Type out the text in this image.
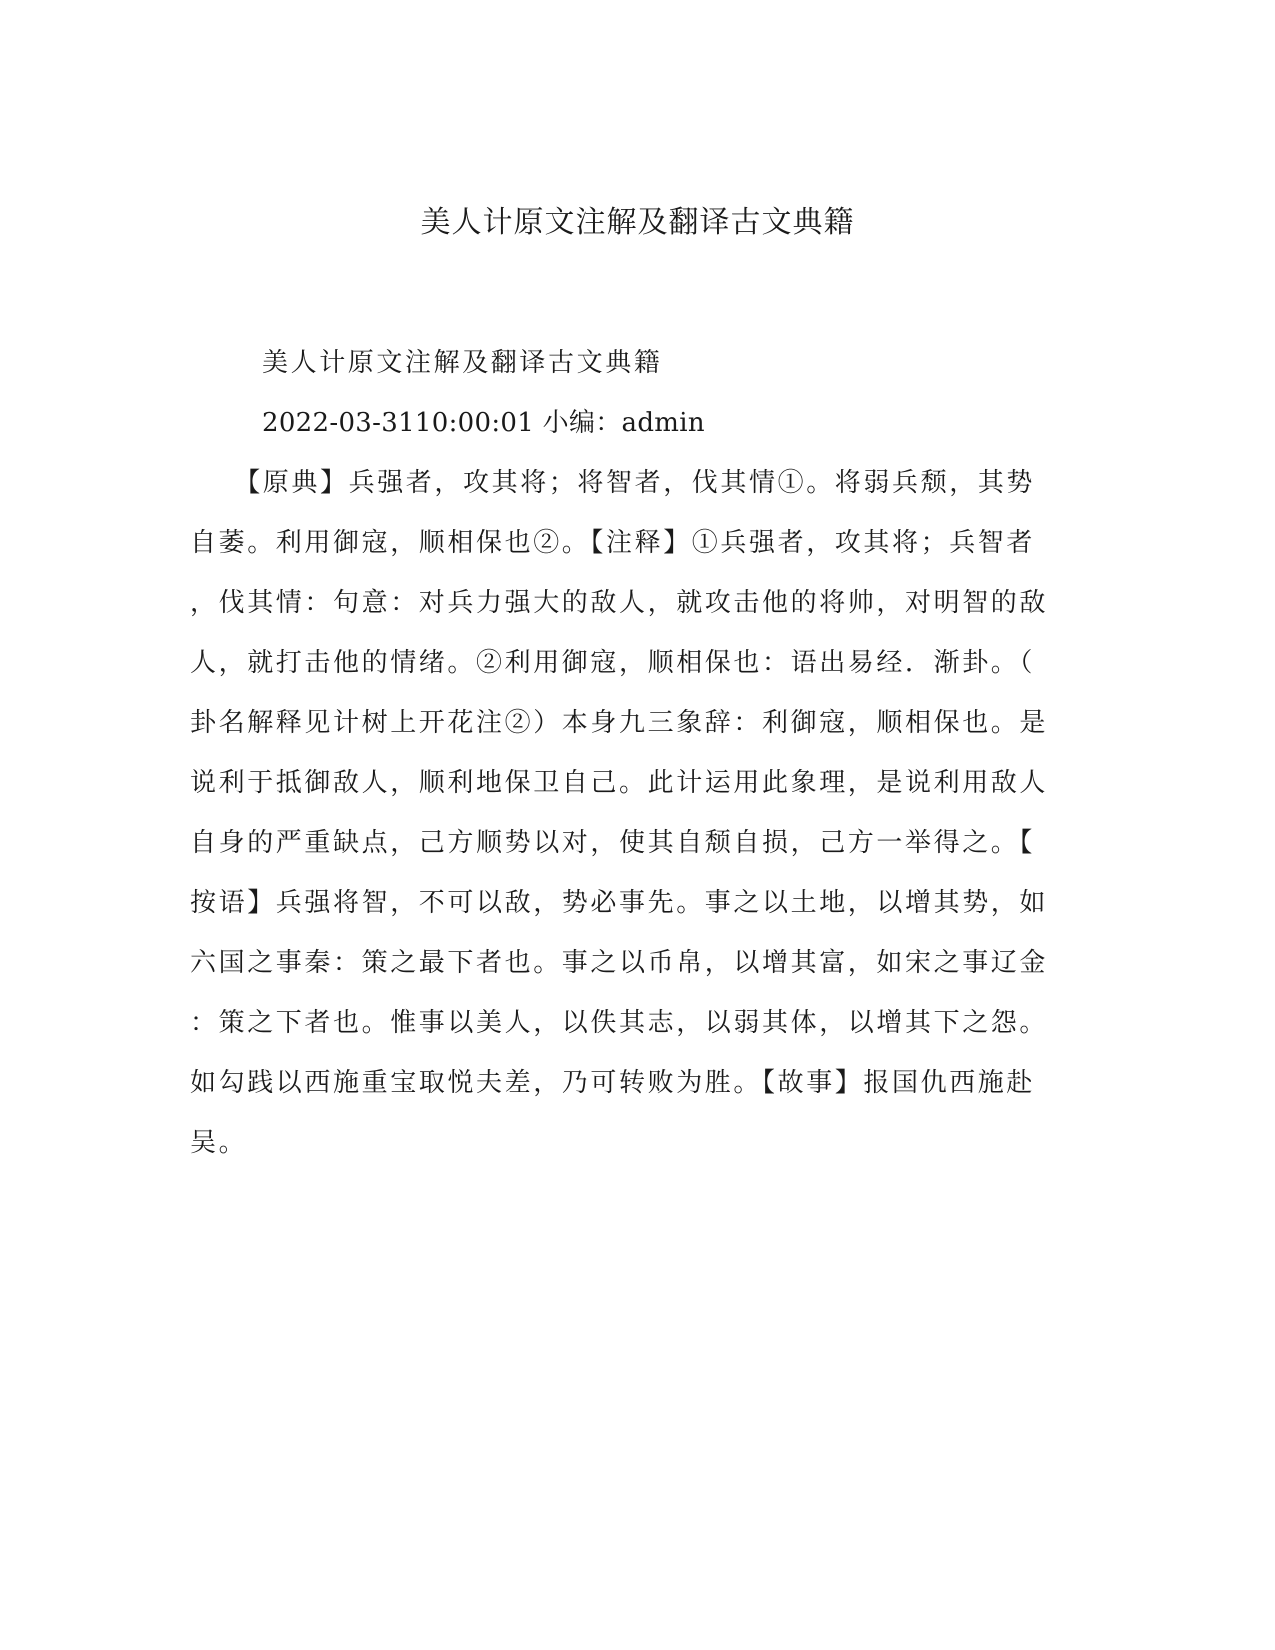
美人计原文注解及翻译古文典籍
美人计原文注解及翻译古文典籍
2022-03-3110:00:01 小编：admin
　　【原典】兵强者，攻其将；将智者，伐其情①。将弱兵颓，其势
自萎。利用御寇，顺相保也②。【注释】①兵强者，攻其将；兵智者
，伐其情：句意：对兵力强大的敌人，就攻击他的将帅，对明智的敌
人，就打击他的情绪。②利用御寇，顺相保也：语出易经．渐卦。（
卦名解释见计树上开花注②）本身九三象辞：利御寇，顺相保也。是
说利于抵御敌人，顺利地保卫自己。此计运用此象理，是说利用敌人
自身的严重缺点，己方顺势以对，使其自颓自损，己方一举得之。【
按语】兵强将智，不可以敌，势必事先。事之以土地，以增其势，如
六国之事秦：策之最下者也。事之以币帛，以增其富，如宋之事辽金
：策之下者也。惟事以美人，以佚其志，以弱其体，以增其下之怨。
如勾践以西施重宝取悦夫差，乃可转败为胜。【故事】报国仇西施赴
吴。
